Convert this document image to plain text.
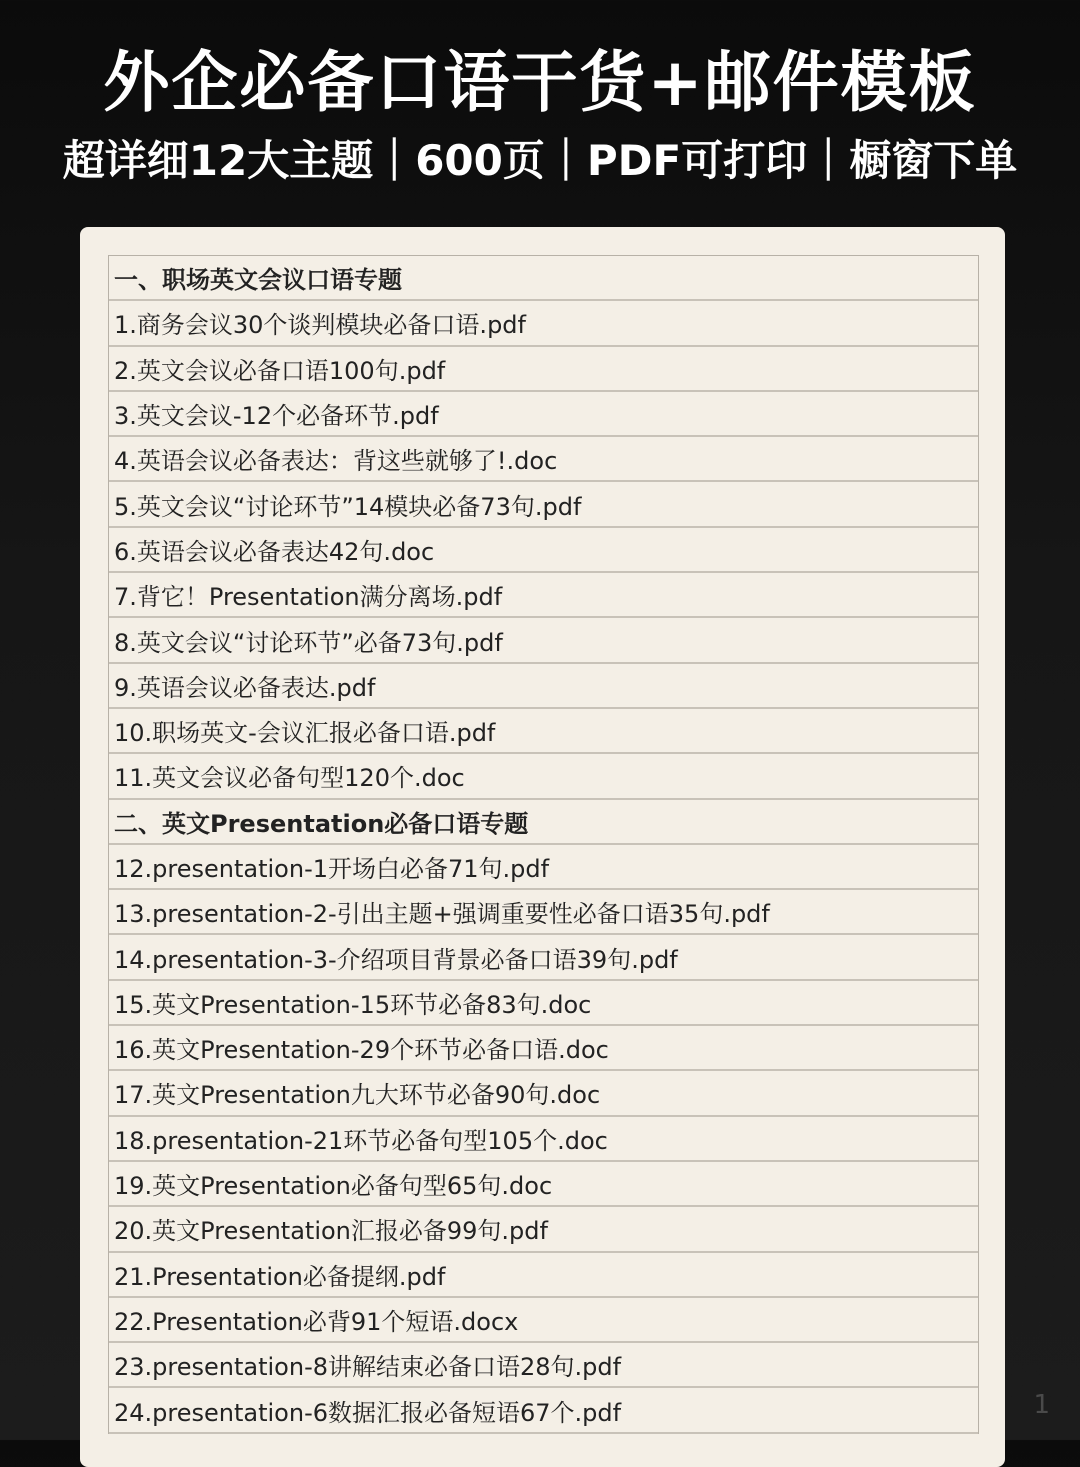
外企必备口语干货+邮件模板
超详细12大主题｜600页｜PDF可打印｜橱窗下单
一、职场英文会议口语专题
1.商务会议30个谈判模块必备口语.pdf
2.英文会议必备口语100句.pdf
3.英文会议-12个必备环节.pdf
4.英语会议必备表达：背这些就够了!.doc
5.英文会议“讨论环节”14模块必备73句.pdf
6.英语会议必备表达42句.doc
7.背它！Presentation满分离场.pdf
8.英文会议“讨论环节”必备73句.pdf
9.英语会议必备表达.pdf
10.职场英文-会议汇报必备口语.pdf
11.英文会议必备句型120个.doc
二、英文Presentation必备口语专题
12.presentation-1开场白必备71句.pdf
13.presentation-2-引出主题+强调重要性必备口语35句.pdf
14.presentation-3-介绍项目背景必备口语39句.pdf
15.英文Presentation-15环节必备83句.doc
16.英文Presentation-29个环节必备口语.doc
17.英文Presentation九大环节必备90句.doc
18.presentation-21环节必备句型105个.doc
19.英文Presentation必备句型65句.doc
20.英文Presentation汇报必备99句.pdf
21.Presentation必备提纲.pdf
22.Presentation必背91个短语.docx
23.presentation-8讲解结束必备口语28句.pdf
24.presentation-6数据汇报必备短语67个.pdf	1
